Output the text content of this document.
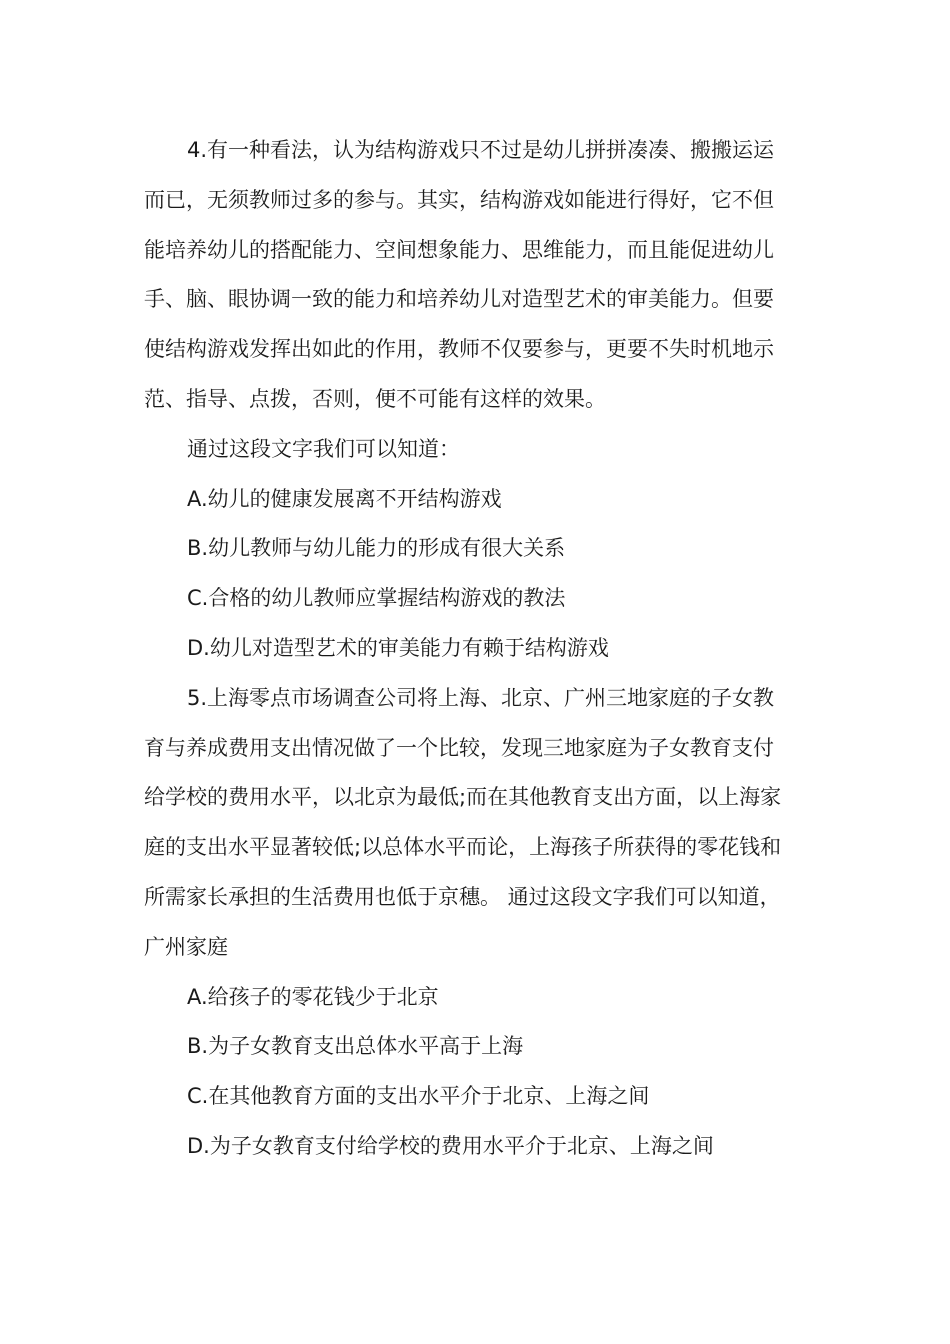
4.有一种看法，认为结构游戏只不过是幼儿拼拼凑凑、搬搬运运
而已，无须教师过多的参与。其实，结构游戏如能进行得好，它不但
能培养幼儿的搭配能力、空间想象能力、思维能力，而且能促进幼儿
手、脑、眼协调一致的能力和培养幼儿对造型艺术的审美能力。但要
使结构游戏发挥出如此的作用，教师不仅要参与，更要不失时机地示
范、指导、点拨，否则，便不可能有这样的效果。
通过这段文字我们可以知道：
A.幼儿的健康发展离不开结构游戏
B.幼儿教师与幼儿能力的形成有很大关系
C.合格的幼儿教师应掌握结构游戏的教法
D.幼儿对造型艺术的审美能力有赖于结构游戏
5.上海零点市场调查公司将上海、北京、广州三地家庭的子女教
育与养成费用支出情况做了一个比较，发现三地家庭为子女教育支付
给学校的费用水平，以北京为最低;而在其他教育支出方面，以上海家
庭的支出水平显著较低;以总体水平而论，上海孩子所获得的零花钱和
所需家长承担的生活费用也低于京穗。 通过这段文字我们可以知道，
广州家庭
A.给孩子的零花钱少于北京
B.为子女教育支出总体水平高于上海
C.在其他教育方面的支出水平介于北京、上海之间
D.为子女教育支付给学校的费用水平介于北京、上海之间
